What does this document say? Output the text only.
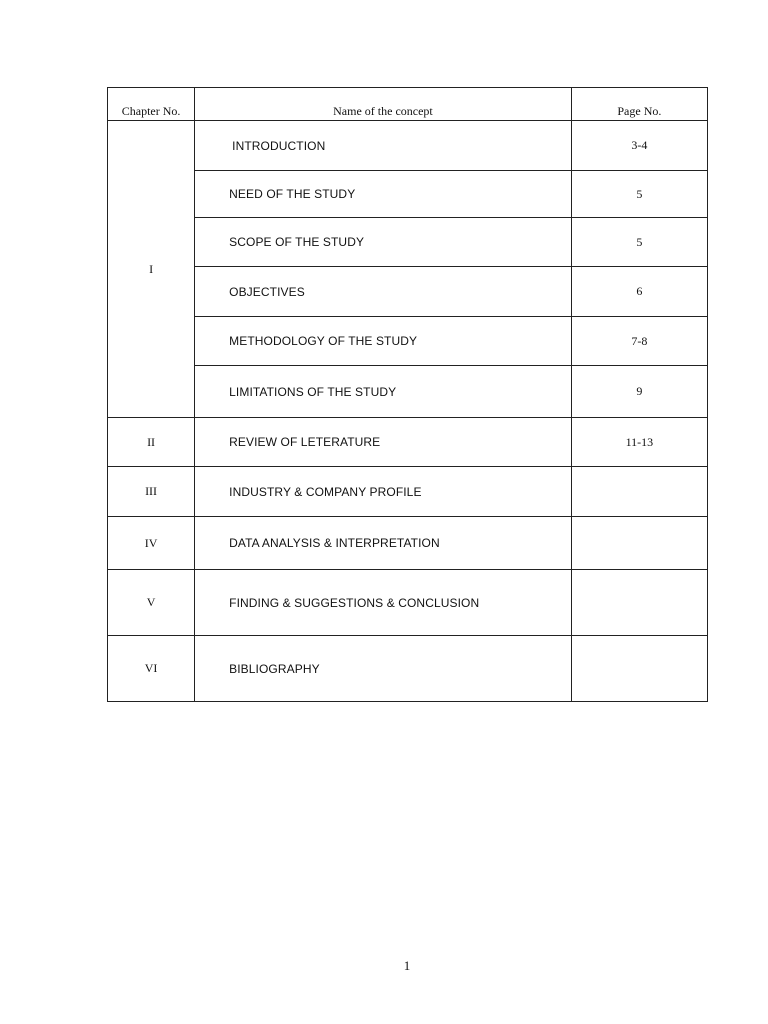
Chapter No.	Name of the concept	Page No.
I	INTRODUCTION	3-4
	NEED OF THE STUDY	5
	SCOPE OF THE STUDY	5
	OBJECTIVES	6
	METHODOLOGY OF THE STUDY	7-8
	LIMITATIONS OF THE STUDY	9
II	REVIEW OF LETERATURE	11-13
III	INDUSTRY & COMPANY PROFILE	
IV	DATA ANALYSIS & INTERPRETATION	
V	FINDING & SUGGESTIONS & CONCLUSION	
VI	BIBLIOGRAPHY	
1
